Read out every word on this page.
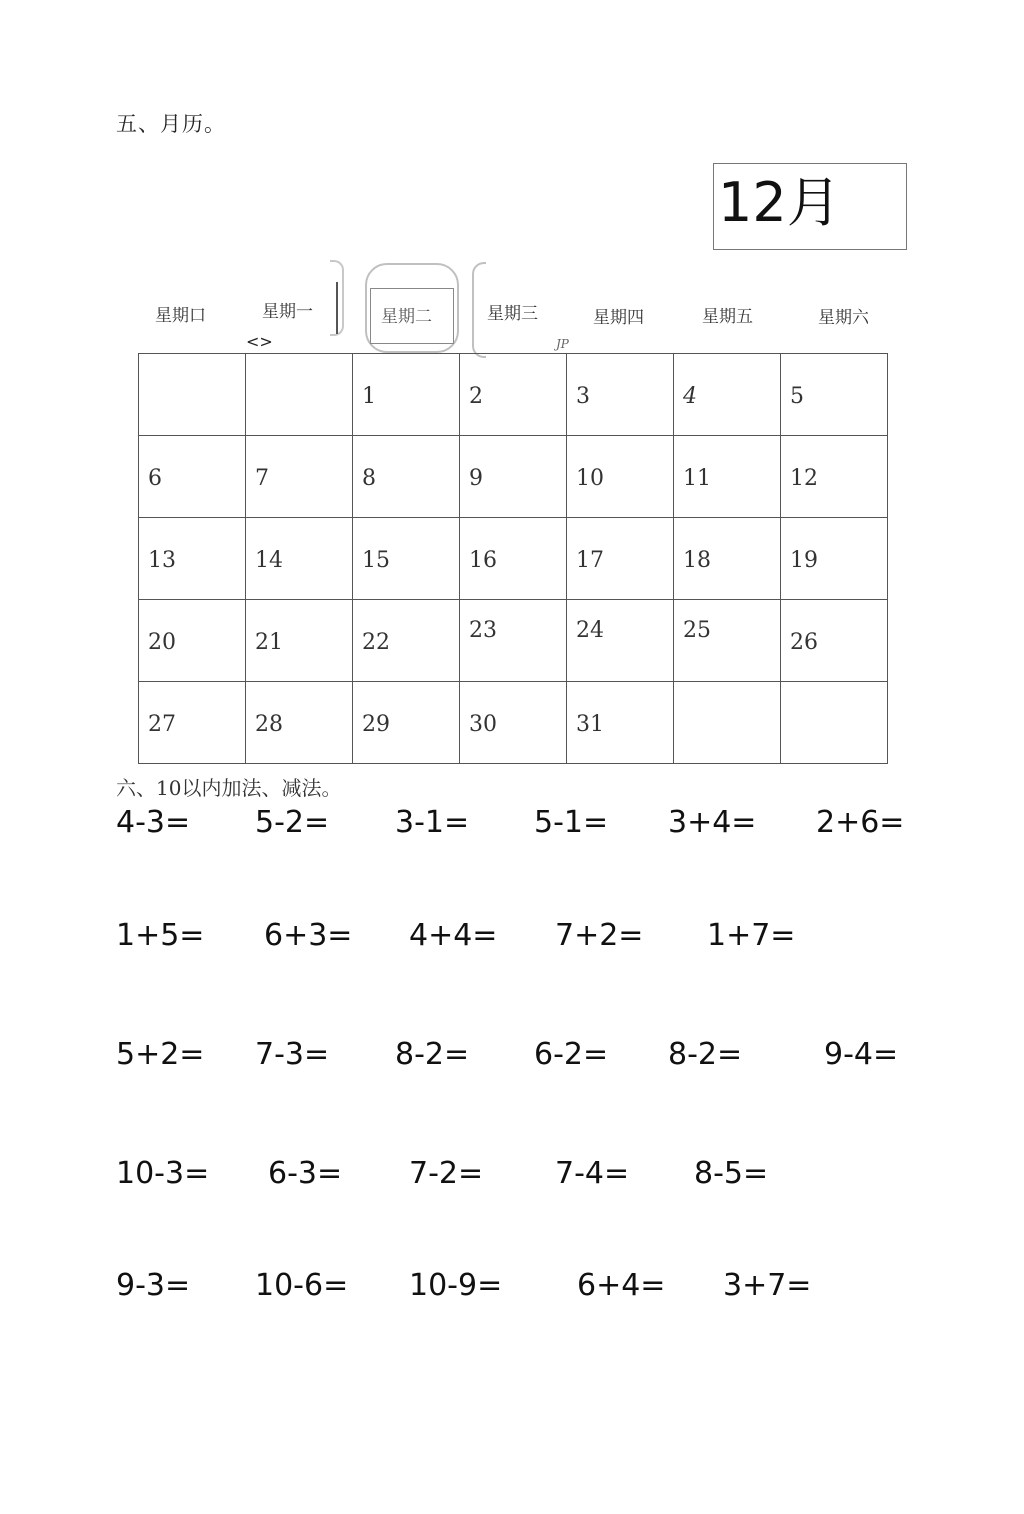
五、月历。
12月
星期口	星期一	星期二	星期三	星期四	星期五	星期六
<>	JP

		1	2	3	4	5

6	7	8	9	10	11	12

13	14	15	16	17	18	19

20	21	22	23	24	25	26

27	28	29	30	31		

六、10以内加法、减法。
4-3= 5-2= 3-1= 5-1= 3+4= 2+6=
1+5= 6+3= 4+4= 7+2= 1+7=
5+2= 7-3= 8-2= 6-2= 8-2=	9-4=
10-3= 6-3= 7-2= 7-4= 8-5=
9-3= 10-6= 10-9= 6+4= 3+7=
